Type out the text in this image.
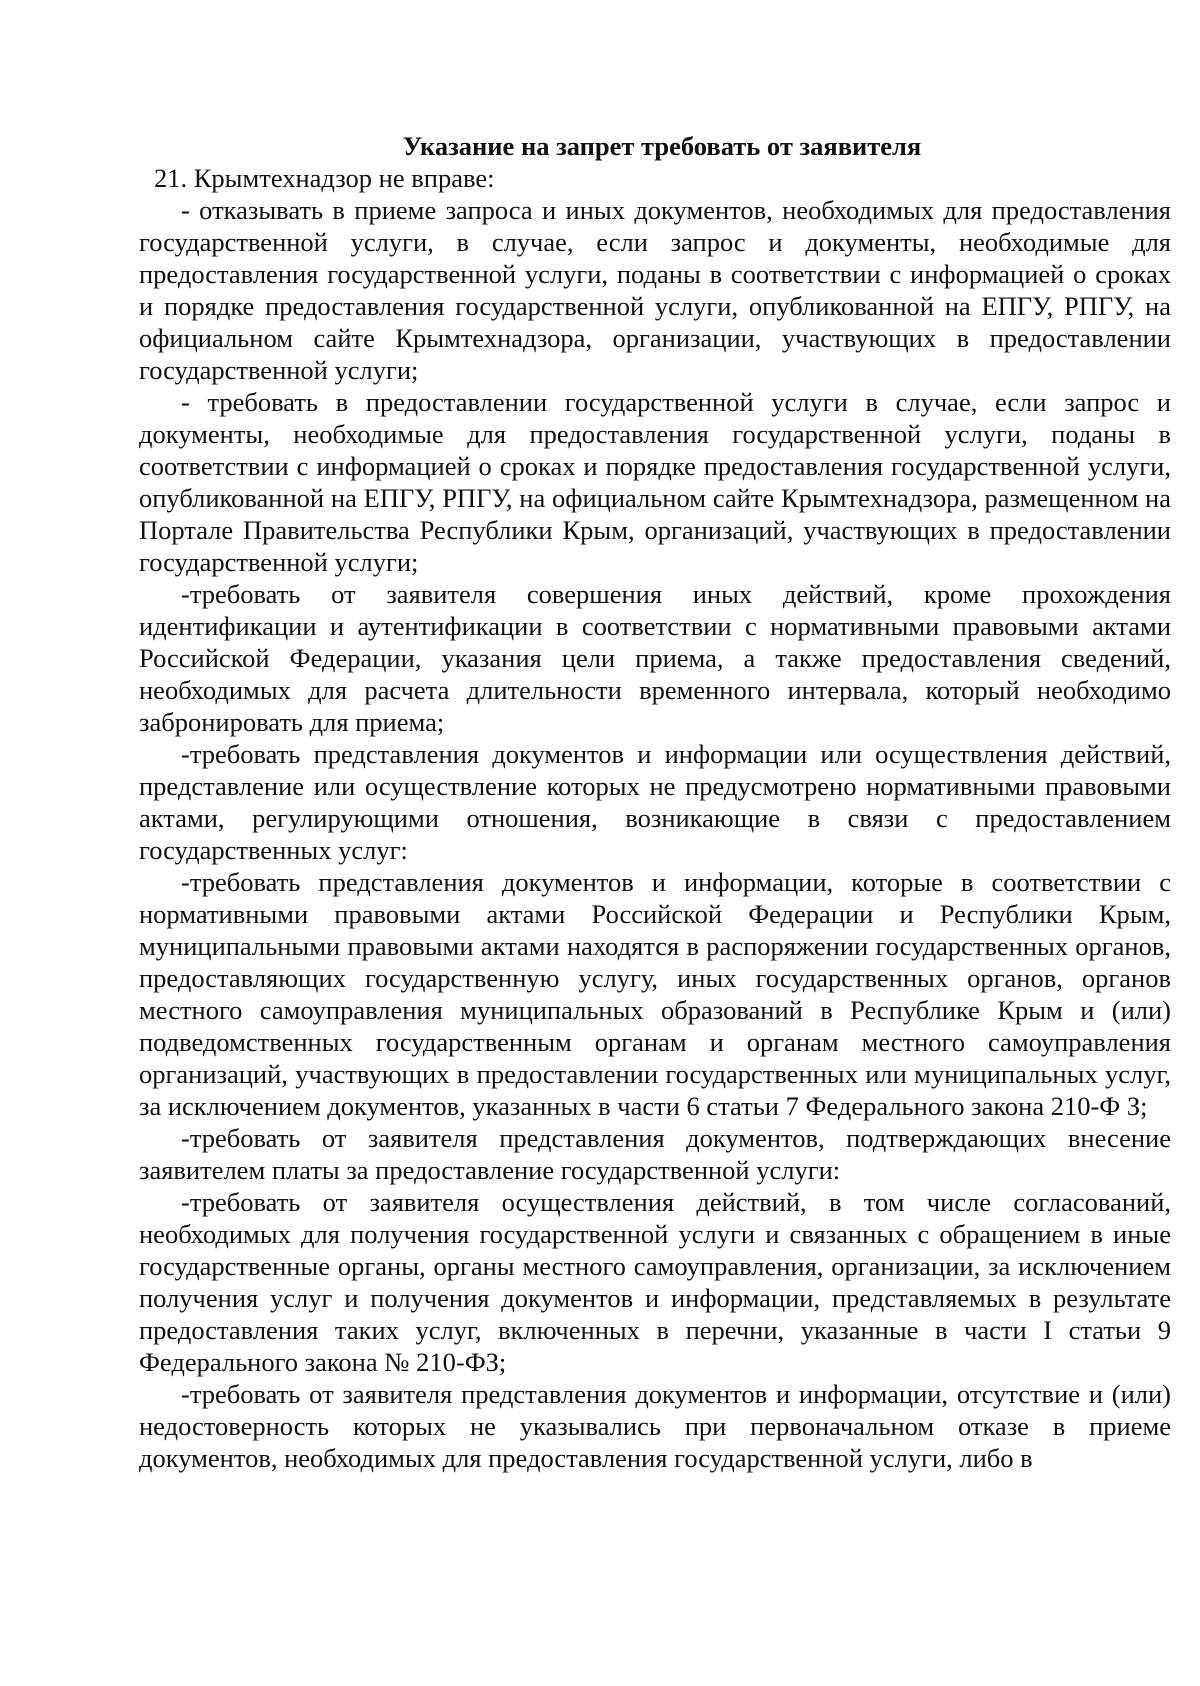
Указание на запрет требовать от заявителя

21. Крымтехнадзор не вправе:

- отказывать в приеме запроса и иных документов, необходимых для предоставления государственной услуги, в случае, если запрос и документы, необходимые для предоставления государственной услуги, поданы в соответствии с информацией о сроках и порядке предоставления государственной услуги, опубликованной на ЕПГУ, РПГУ, на официальном сайте Крымтехнадзора, организации, участвующих в предоставлении государственной услуги;

- требовать в предоставлении государственной услуги в случае, если запрос и документы, необходимые для предоставления государственной услуги, поданы в соответствии с информацией о сроках и порядке предоставления государственной услуги, опубликованной на ЕПГУ, РПГУ, на официальном сайте Крымтехнадзора, размещенном на Портале Правительства Республики Крым, организаций, участвующих в предоставлении государственной услуги;

-требовать от заявителя совершения иных действий, кроме прохождения идентификации и аутентификации в соответствии с нормативными правовыми актами Российской Федерации, указания цели приема, а также предоставления сведений, необходимых для расчета длительности временного интервала, который необходимо забронировать для приема;

-требовать представления документов и информации или осуществления действий, представление или осуществление которых не предусмотрено нормативными правовыми актами, регулирующими отношения, возникающие в связи с предоставлением государственных услуг:

-требовать представления документов и информации, которые в соответствии с нормативными правовыми актами Российской Федерации и Республики Крым, муниципальными правовыми актами находятся в распоряжении государственных органов, предоставляющих государственную услугу, иных государственных органов, органов местного самоуправления муниципальных образований в Республике Крым и (или) подведомственных государственным органам и органам местного самоуправления организаций, участвующих в предоставлении государственных или муниципальных услуг, за исключением документов, указанных в части 6 статьи 7 Федерального закона 210-Ф З;

-требовать от заявителя представления документов, подтверждающих внесение заявителем платы за предоставление государственной услуги:

-требовать от заявителя осуществления действий, в том числе согласований, необходимых для получения государственной услуги и связанных с обращением в иные государственные органы, органы местного самоуправления, организации, за исключением получения услуг и получения документов и информации, представляемых в результате предоставления таких услуг, включенных в перечни, указанные в части I статьи 9 Федерального закона № 210-ФЗ;

-требовать от заявителя представления документов и информации, отсутствие и (или) недостоверность которых не указывались при первоначальном отказе в приеме документов, необходимых для предоставления государственной услуги, либо в
